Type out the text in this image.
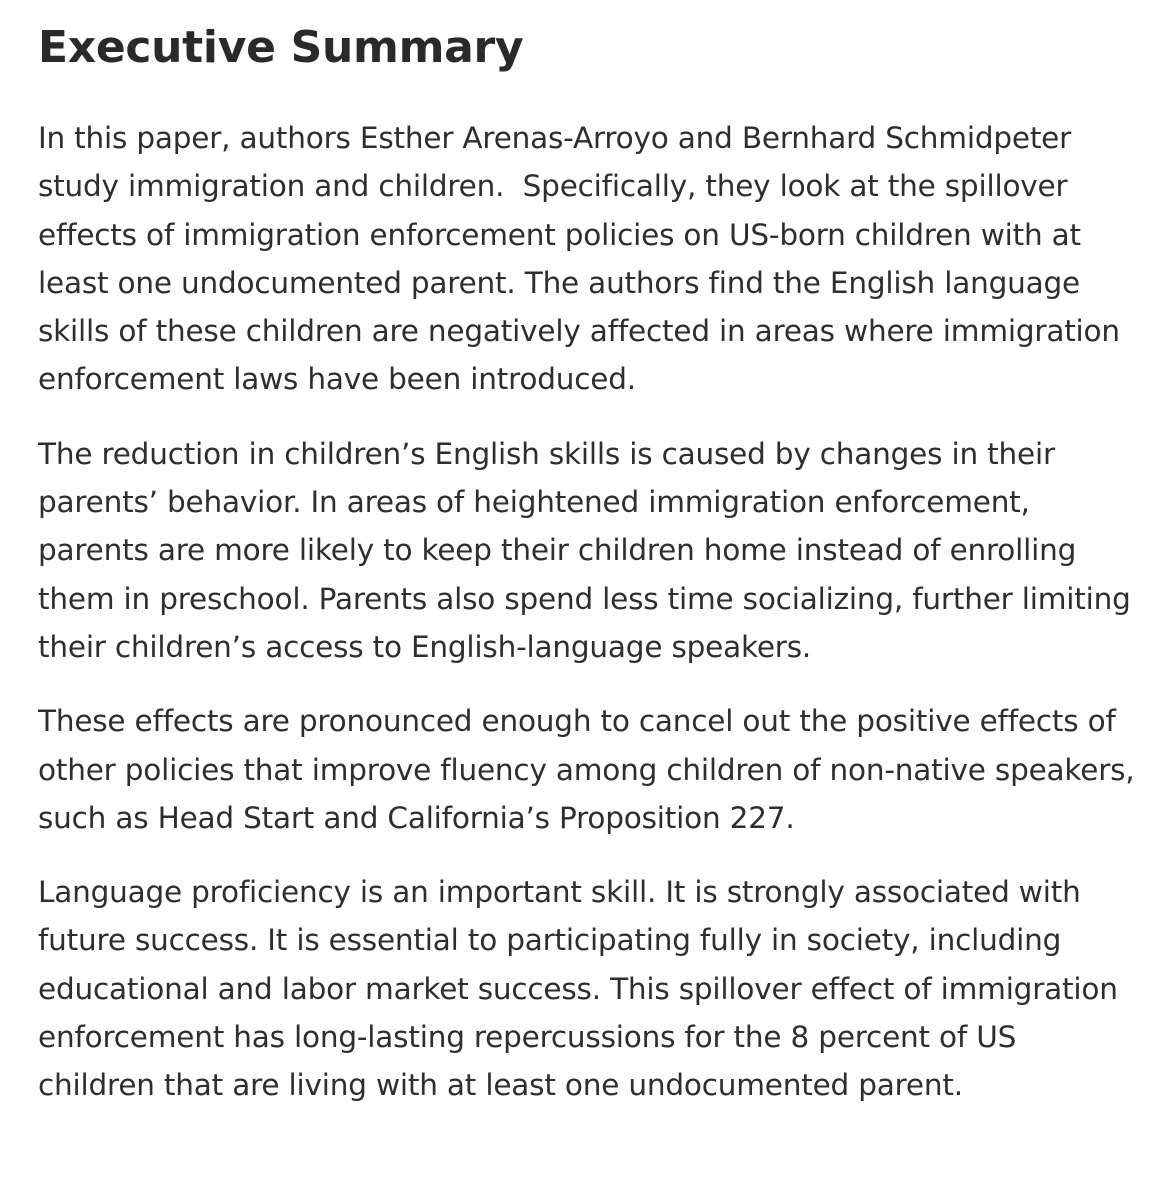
Executive Summary

In this paper, authors Esther Arenas-Arroyo and Bernhard Schmidpeter study immigration and children.  Specifically, they look at the spillover effects of immigration enforcement policies on US-born children with at least one undocumented parent. The authors find the English language skills of these children are negatively affected in areas where immigration enforcement laws have been introduced.

The reduction in children’s English skills is caused by changes in their parents’ behavior. In areas of heightened immigration enforcement, parents are more likely to keep their children home instead of enrolling them in preschool. Parents also spend less time socializing, further limiting their children’s access to English-language speakers.

These effects are pronounced enough to cancel out the positive effects of other policies that improve fluency among children of non-native speakers, such as Head Start and California’s Proposition 227.

Language proficiency is an important skill. It is strongly associated with future success. It is essential to participating fully in society, including educational and labor market success. This spillover effect of immigration enforcement has long-lasting repercussions for the 8 percent of US children that are living with at least one undocumented parent.
